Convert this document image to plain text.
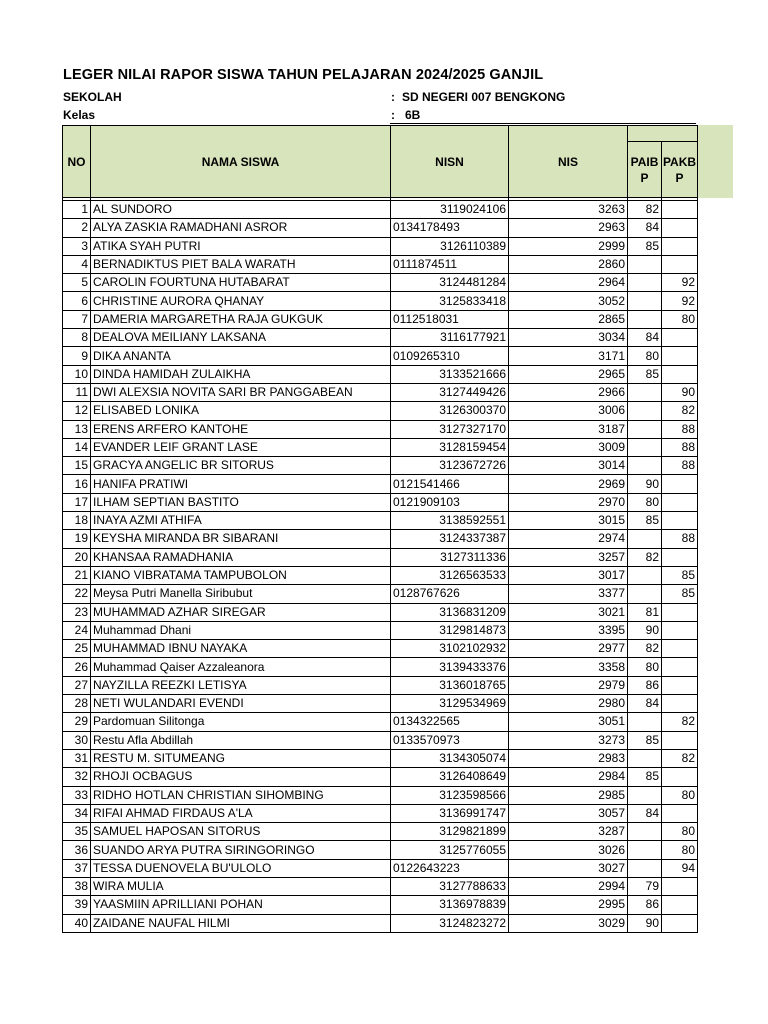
LEGER NILAI RAPOR SISWA TAHUN PELAJARAN 2024/2025 GANJIL
SEKOLAH	: SD NEGERI 007 BENGKONG
Kelas	: 6B
NO	NAMA SISWA	NISN	NIS		
				PAIB P	PAKB P

1	AL SUNDORO	3119024106	3263	82	
2	ALYA ZASKIA RAMADHANI ASROR	0134178493	2963	84	
3	ATIKA SYAH PUTRI	3126110389	2999	85	
4	BERNADIKTUS PIET BALA WARATH	0111874511	2860		
5	CAROLIN FOURTUNA HUTABARAT	3124481284	2964		92
6	CHRISTINE AURORA QHANAY	3125833418	3052		92
7	DAMERIA MARGARETHA RAJA GUKGUK	0112518031	2865		80
8	DEALOVA MEILIANY LAKSANA	3116177921	3034	84	
9	DIKA ANANTA	0109265310	3171	80	
10	DINDA HAMIDAH ZULAIKHA	3133521666	2965	85	
11	DWI ALEXSIA NOVITA SARI BR PANGGABEAN	3127449426	2966		90
12	ELISABED LONIKA	3126300370	3006		82
13	ERENS ARFERO KANTOHE	3127327170	3187		88
14	EVANDER LEIF GRANT LASE	3128159454	3009		88
15	GRACYA ANGELIC BR SITORUS	3123672726	3014		88
16	HANIFA PRATIWI	0121541466	2969	90	
17	ILHAM SEPTIAN BASTITO	0121909103	2970	80	
18	INAYA AZMI ATHIFA	3138592551	3015	85	
19	KEYSHA MIRANDA BR SIBARANI	3124337387	2974		88
20	KHANSAA RAMADHANIA	3127311336	3257	82	
21	KIANO VIBRATAMA TAMPUBOLON	3126563533	3017		85
22	Meysa Putri Manella Siribubut	0128767626	3377		85
23	MUHAMMAD AZHAR SIREGAR	3136831209	3021	81	
24	Muhammad Dhani	3129814873	3395	90	
25	MUHAMMAD IBNU NAYAKA	3102102932	2977	82	
26	Muhammad Qaiser Azzaleanora	3139433376	3358	80	
27	NAYZILLA REEZKI LETISYA	3136018765	2979	86	
28	NETI WULANDARI EVENDI	3129534969	2980	84	
29	Pardomuan Silitonga	0134322565	3051		82
30	Restu Afla Abdillah	0133570973	3273	85	
31	RESTU M. SITUMEANG	3134305074	2983		82
32	RHOJI OCBAGUS	3126408649	2984	85	
33	RIDHO HOTLAN CHRISTIAN SIHOMBING	3123598566	2985		80
34	RIFAI AHMAD FIRDAUS A'LA	3136991747	3057	84	
35	SAMUEL HAPOSAN SITORUS	3129821899	3287		80
36	SUANDO ARYA PUTRA SIRINGORINGO	3125776055	3026		80
37	TESSA DUENOVELA BU'ULOLO	0122643223	3027		94
38	WIRA MULIA	3127788633	2994	79	
39	YAASMIIN APRILLIANI POHAN	3136978839	2995	86	
40	ZAIDANE NAUFAL HILMI	3124823272	3029	90	
